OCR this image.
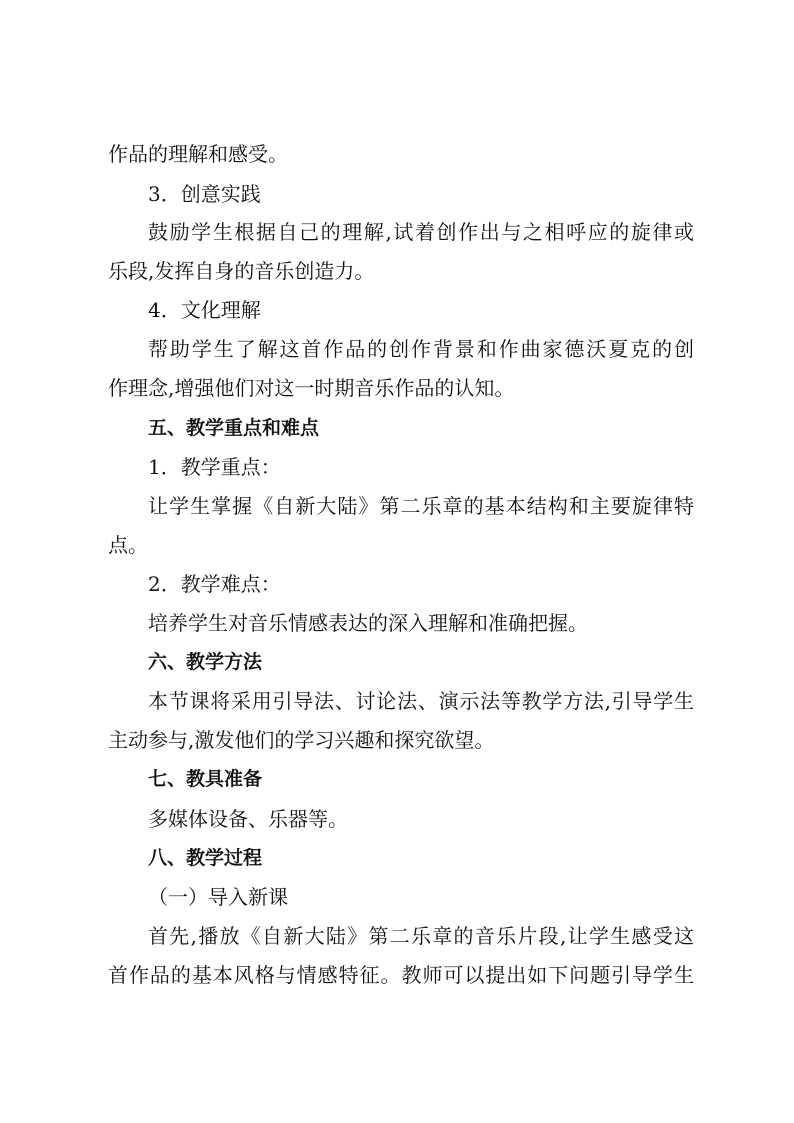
作品的理解和感受。
3．创意实践
鼓励学生根据自己的理解,试着创作出与之相呼应的旋律或
乐段,发挥自身的音乐创造力。
4．文化理解
帮助学生了解这首作品的创作背景和作曲家德沃夏克的创
作理念,增强他们对这一时期音乐作品的认知。
五、教学重点和难点
1．教学重点：
让学生掌握《自新大陆》第二乐章的基本结构和主要旋律特
点。
2．教学难点：
培养学生对音乐情感表达的深入理解和准确把握。
六、教学方法
本节课将采用引导法、讨论法、演示法等教学方法,引导学生
主动参与,激发他们的学习兴趣和探究欲望。
七、教具准备
多媒体设备、乐器等。
八、教学过程
（一）导入新课
首先,播放《自新大陆》第二乐章的音乐片段,让学生感受这
首作品的基本风格与情感特征。教师可以提出如下问题引导学生
